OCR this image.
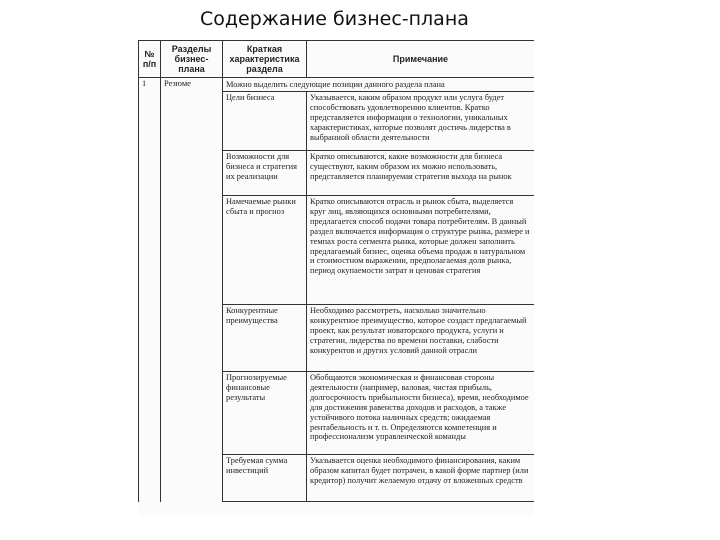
Содержание бизнес-плана
№ п/п	Разделы бизнес-плана	Краткая характеристика раздела	Примечание
1	Резюме	Можно выделить следующие позиции данного раздела плана	
		Цели бизнеса	Указывается, каким образом продукт или услуга будет способствовать удовлетворению клиентов. Кратко представляется информация о технологии, уникальных характеристиках, которые позволят достичь лидерства в выбранной области деятельности
		Возможности для бизнеса и стратегия их реализации	Кратко описываются, какие возможности для бизнеса существуют, каким образом их можно использовать, представляется планируемая стратегия выхода на рынок
		Намечаемые рынки сбыта и прогноз	Кратко описываются отрасль и рынок сбыта, выделяется круг лиц, являющихся основными потребителями, предлагается способ подачи товара потребителям. В данный раздел включается информация о структуре рынка, размере и темпах роста сегмента рынка, которые должен заполнить предлагаемый бизнес, оценка объема продаж в натуральном и стоимостном выражении, предполагаемая доля рынка, период окупаемости затрат и ценовая стратегия
		Конкурентные преимущества	Необходимо рассмотреть, насколько значительно конкурентное преимущество, которое создаст предлагаемый проект, как результат новаторского продукта, услуги и стратегии, лидерства по времени поставки, слабости конкурентов и других условий данной отрасли
		Прогнозируемые финансовые результаты	Обобщаются экономическая и финансовая стороны деятельности (например, валовая, чистая прибыль, долгосрочность прибыльности бизнеса), время, необходимое для достижения равенства доходов и расходов, а также устойчивого потока наличных средств; ожидаемая рентабельность и т. п. Определяются компетенция и профессионализм управленческой команды
		Требуемая сумма инвестиций	Указывается оценка необходимого финансирования, каким образом капитал будет потрачен, в какой форме партнер (или кредитор) получит желаемую отдачу от вложенных средств
